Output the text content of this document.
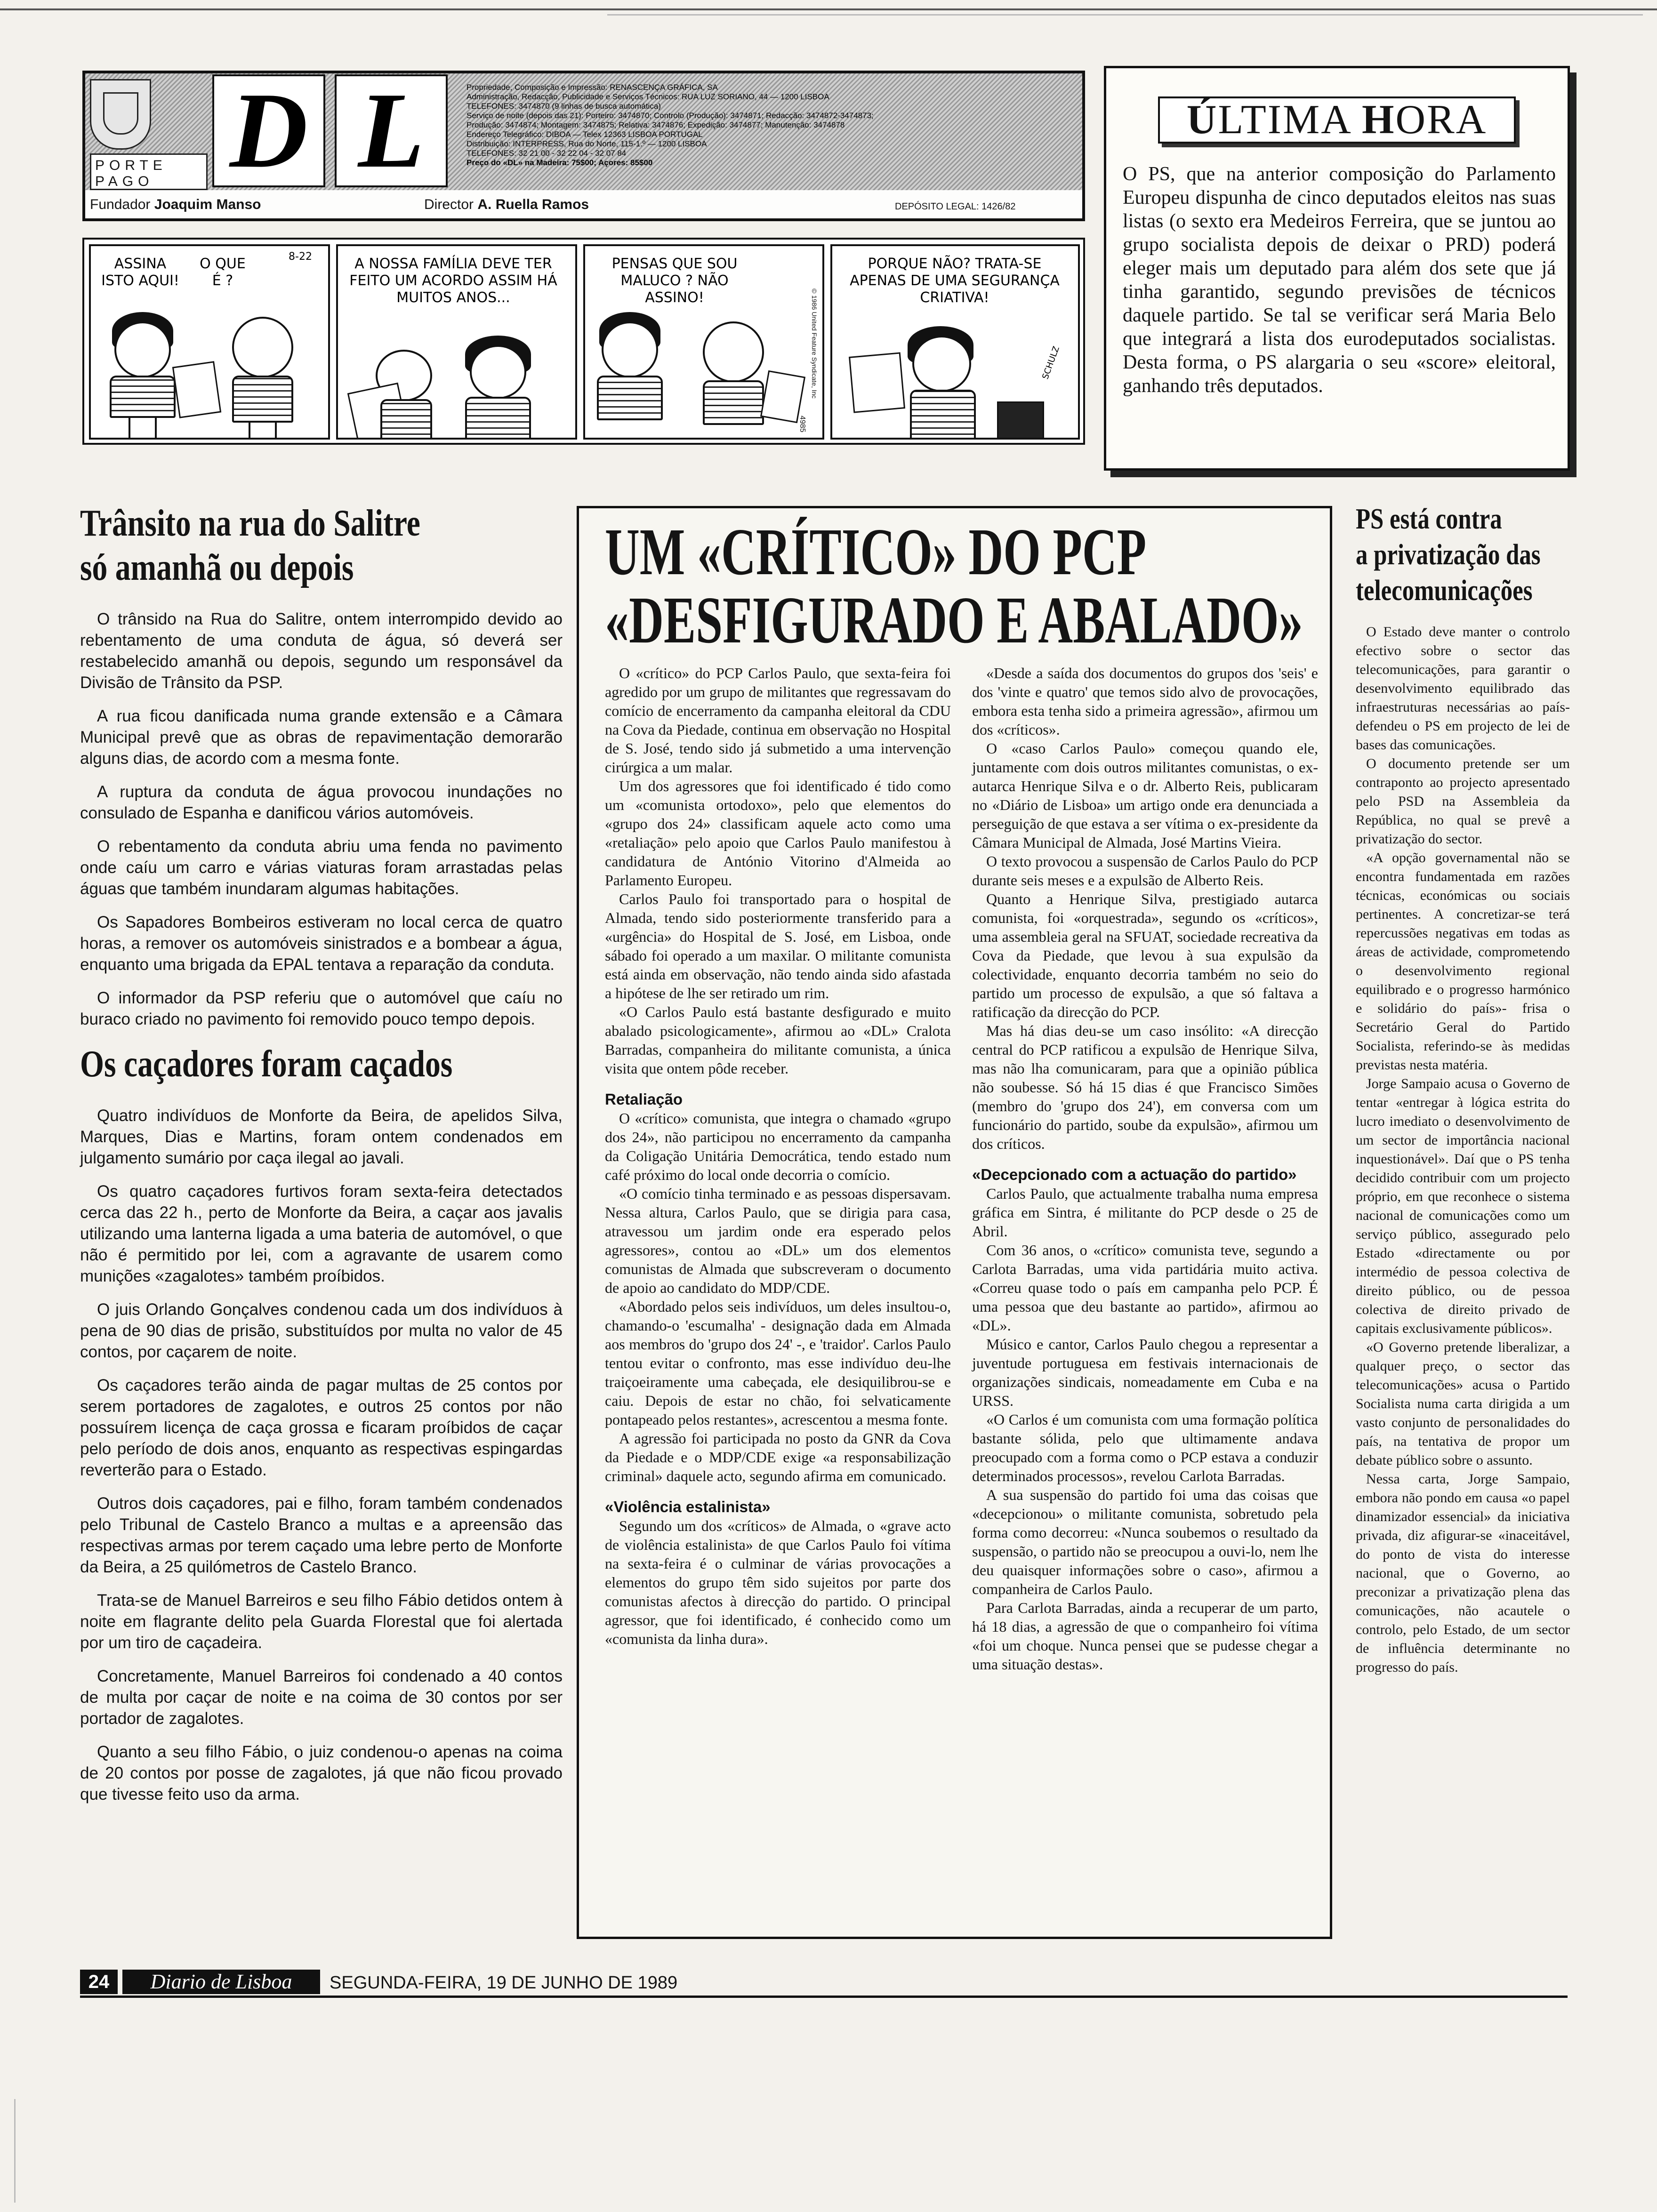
PORTE
PAGO D L	Propriedade, Composição e Impressão: RENASCENÇA GRÁFICA, SA
Administração, Redacção, Publicidade e Serviços Técnicos: RUA LUZ SORIANO, 44 — 1200 LISBOA
TELEFONES: 3474870 (9 linhas de busca automática)
Serviço de noite (depois das 21): Porteiro: 3474870; Controlo (Produção): 3474871; Redacção: 3474872-3474873;
Produção: 3474874; Montagem: 3474875; Relativa: 3474876; Expedição: 3474877; Manutenção: 3474878
Endereço Telegráfico: DIBOA — Telex 12363 LISBOA PORTUGAL
Distribuição: INTERPRESS, Rua do Norte, 115-1.º — 1200 LISBOA
TELEFONES: 32 21 00 - 32 22 04 - 32 07 84
Preço do «DL» na Madeira: 75$00; Açores: 85$00
Fundador Joaquim Manso	Director A. Ruella Ramos	DEPÓSITO LEGAL: 1426/82
ASSINA ISTO AQUI!
O QUE É ?
8-22	A NOSSA FAMÍLIA DEVE TER FEITO UM ACORDO ASSIM HÁ MUITOS ANOS...
PENSAS QUE SOU MALUCO ? NÃO ASSINO!	© 1986 United Feature Syndicate, Inc
4985
PORQUE NÃO? TRATA-SE APENAS DE UMA SEGURANÇA CRIATIVA!
SCHULZ
ÚLTIMA HORA

O PS, que na anterior composição do Parlamento Europeu dispunha de cinco deputados eleitos nas suas listas (o sexto era Medeiros Ferreira, que se juntou ao grupo socialista depois de deixar o PRD) poderá eleger mais um deputado para além dos sete que já tinha garantido, segundo previsões de técnicos daquele partido. Se tal se verificar será Maria Belo que integrará a lista dos eurodeputados socialistas. Desta forma, o PS alargaria o seu «score» eleitoral, ganhando três deputados.

Trânsito na rua do Salitre
só amanhã ou depois

O trânsido na Rua do Salitre, ontem interrompido devido ao rebentamento de uma conduta de água, só deverá ser restabelecido amanhã ou depois, segundo um responsável da Divisão de Trânsito da PSP.

A rua ficou danificada numa grande extensão e a Câmara Municipal prevê que as obras de repavimentação demorarão alguns dias, de acordo com a mesma fonte.

A ruptura da conduta de água provocou inundações no consulado de Espanha e danificou vários automóveis.

O rebentamento da conduta abriu uma fenda no pavimento onde caíu um carro e várias viaturas foram arrastadas pelas águas que também inundaram algumas habitações.

Os Sapadores Bombeiros estiveram no local cerca de quatro horas, a remover os automóveis sinistrados e a bombear a água, enquanto uma brigada da EPAL tentava a reparação da conduta.

O informador da PSP referiu que o automóvel que caíu no buraco criado no pavimento foi removido pouco tempo depois.

Os caçadores foram caçados

Quatro indivíduos de Monforte da Beira, de apelidos Silva, Marques, Dias e Martins, foram ontem condenados em julgamento sumário por caça ilegal ao javali.

Os quatro caçadores furtivos foram sexta-feira detectados cerca das 22 h., perto de Monforte da Beira, a caçar aos javalis utilizando uma lanterna ligada a uma bateria de automóvel, o que não é permitido por lei, com a agravante de usarem como munições «zagalotes» também proíbidos.

O juis Orlando Gonçalves condenou cada um dos indivíduos à pena de 90 dias de prisão, substituídos por multa no valor de 45 contos, por caçarem de noite.

Os caçadores terão ainda de pagar multas de 25 contos por serem portadores de zagalotes, e outros 25 contos por não possuírem licença de caça grossa e ficaram proíbidos de caçar pelo período de dois anos, enquanto as respectivas espingardas reverterão para o Estado.

Outros dois caçadores, pai e filho, foram também condenados pelo Tribunal de Castelo Branco a multas e a apreensão das respectivas armas por terem caçado uma lebre perto de Monforte da Beira, a 25 quilómetros de Castelo Branco.

Trata-se de Manuel Barreiros e seu filho Fábio detidos ontem à noite em flagrante delito pela Guarda Florestal que foi alertada por um tiro de caçadeira.

Concretamente, Manuel Barreiros foi condenado a 40 contos de multa por caçar de noite e na coima de 30 contos por ser portador de zagalotes.

Quanto a seu filho Fábio, o juiz condenou-o apenas na coima de 20 contos por posse de zagalotes, já que não ficou provado que tivesse feito uso da arma.

UM «CRÍTICO» DO PCP
«DESFIGURADO E ABALADO»

O «crítico» do PCP Carlos Paulo, que sexta-feira foi agredido por um grupo de militantes que regressavam do comício de encerramento da campanha eleitoral da CDU na Cova da Piedade, continua em observação no Hospital de S. José, tendo sido já submetido a uma intervenção cirúrgica a um malar.

Um dos agressores que foi identificado é tido como um «comunista ortodoxo», pelo que elementos do «grupo dos 24» classificam aquele acto como uma «retaliação» pelo apoio que Carlos Paulo manifestou à candidatura de António Vitorino d'Almeida ao Parlamento Europeu.

Carlos Paulo foi transportado para o hospital de Almada, tendo sido posteriormente transferido para a «urgência» do Hospital de S. José, em Lisboa, onde sábado foi operado a um maxilar. O militante comunista está ainda em observação, não tendo ainda sido afastada a hipótese de lhe ser retirado um rim.

«O Carlos Paulo está bastante desfigurado e muito abalado psicologicamente», afirmou ao «DL» Cralota Barradas, companheira do militante comunista, a única visita que ontem pôde receber.

Retaliação

O «crítico» comunista, que integra o chamado «grupo dos 24», não participou no encerramento da campanha da Coligação Unitária Democrática, tendo estado num café próximo do local onde decorria o comício.

«O comício tinha terminado e as pessoas dispersavam. Nessa altura, Carlos Paulo, que se dirigia para casa, atravessou um jardim onde era esperado pelos agressores», contou ao «DL» um dos elementos comunistas de Almada que subscreveram o documento de apoio ao candidato do MDP/CDE.

«Abordado pelos seis indivíduos, um deles insultou-o, chamando-o 'escumalha' - designação dada em Almada aos membros do 'grupo dos 24' -, e 'traidor'. Carlos Paulo tentou evitar o confronto, mas esse indivíduo deu-lhe traiçoeiramente uma cabeçada, ele desiquilibrou-se e caiu. Depois de estar no chão, foi selvaticamente pontapeado pelos restantes», acrescentou a mesma fonte.

A agressão foi participada no posto da GNR da Cova da Piedade e o MDP/CDE exige «a responsabilização criminal» daquele acto, segundo afirma em comunicado.

«Violência estalinista»

Segundo um dos «críticos» de Almada, o «grave acto de violência estalinista» de que Carlos Paulo foi vítima na sexta-feira é o culminar de várias provocações a elementos do grupo têm sido sujeitos por parte dos comunistas afectos à direcção do partido. O principal agressor, que foi identificado, é conhecido como um «comunista da linha dura».

«Desde a saída dos documentos do grupos dos 'seis' e dos 'vinte e quatro' que temos sido alvo de provocações, embora esta tenha sido a primeira agressão», afirmou um dos «críticos».

O «caso Carlos Paulo» começou quando ele, juntamente com dois outros militantes comunistas, o ex-autarca Henrique Silva e o dr. Alberto Reis, publicaram no «Diário de Lisboa» um artigo onde era denunciada a perseguição de que estava a ser vítima o ex-presidente da Câmara Municipal de Almada, José Martins Vieira.

O texto provocou a suspensão de Carlos Paulo do PCP durante seis meses e a expulsão de Alberto Reis.

Quanto a Henrique Silva, prestigiado autarca comunista, foi «orquestrada», segundo os «críticos», uma assembleia geral na SFUAT, sociedade recreativa da Cova da Piedade, que levou à sua expulsão da colectividade, enquanto decorria também no seio do partido um processo de expulsão, a que só faltava a ratificação da direcção do PCP.

Mas há dias deu-se um caso insólito: «A direcção central do PCP ratificou a expulsão de Henrique Silva, mas não lha comunicaram, para que a opinião pública não soubesse. Só há 15 dias é que Francisco Simões (membro do 'grupo dos 24'), em conversa com um funcionário do partido, soube da expulsão», afirmou um dos críticos.

«Decepcionado com a actuação do partido»

Carlos Paulo, que actualmente trabalha numa empresa gráfica em Sintra, é militante do PCP desde o 25 de Abril.

Com 36 anos, o «crítico» comunista teve, segundo a Carlota Barradas, uma vida partidária muito activa. «Correu quase todo o país em campanha pelo PCP. É uma pessoa que deu bastante ao partido», afirmou ao «DL».

Músico e cantor, Carlos Paulo chegou a representar a juventude portuguesa em festivais internacionais de organizações sindicais, nomeadamente em Cuba e na URSS.

«O Carlos é um comunista com uma formação política bastante sólida, pelo que ultimamente andava preocupado com a forma como o PCP estava a conduzir determinados processos», revelou Carlota Barradas.

A sua suspensão do partido foi uma das coisas que «decepcionou» o militante comunista, sobretudo pela forma como decorreu: «Nunca soubemos o resultado da suspensão, o partido não se preocupou a ouvi-lo, nem lhe deu quaisquer informações sobre o caso», afirmou a companheira de Carlos Paulo.

Para Carlota Barradas, ainda a recuperar de um parto, há 18 dias, a agressão de que o companheiro foi vítima «foi um choque. Nunca pensei que se pudesse chegar a uma situação destas».

PS está contra
a privatização das
telecomunicações

O Estado deve manter o controlo efectivo sobre o sector das telecomunicações, para garantir o desenvolvimento equilibrado das infraestruturas necessárias ao país- defendeu o PS em projecto de lei de bases das comunicações.

O documento pretende ser um contraponto ao projecto apresentado pelo PSD na Assembleia da República, no qual se prevê a privatização do sector.

«A opção governamental não se encontra fundamentada em razões técnicas, económicas ou sociais pertinentes. A concretizar-se terá repercussões negativas em todas as áreas de actividade, comprometendo o desenvolvimento regional equilibrado e o progresso harmónico e solidário do país»- frisa o Secretário Geral do Partido Socialista, referindo-se às medidas previstas nesta matéria.

Jorge Sampaio acusa o Governo de tentar «entregar à lógica estrita do lucro imediato o desenvolvimento de um sector de importância nacional inquestionável». Daí que o PS tenha decidido contribuir com um projecto próprio, em que reconhece o sistema nacional de comunicações como um serviço público, assegurado pelo Estado «directamente ou por intermédio de pessoa colectiva de direito público, ou de pessoa colectiva de direito privado de capitais exclusivamente públicos».

«O Governo pretende liberalizar, a qualquer preço, o sector das telecomunicações» acusa o Partido Socialista numa carta dirigida a um vasto conjunto de personalidades do país, na tentativa de propor um debate público sobre o assunto.

Nessa carta, Jorge Sampaio, embora não pondo em causa «o papel dinamizador essencial» da iniciativa privada, diz afigurar-se «inaceitável, do ponto de vista do interesse nacional, que o Governo, ao preconizar a privatização plena das comunicações, não acautele o controlo, pelo Estado, de um sector de influência determinante no progresso do país.

24	Diario de Lisboa	SEGUNDA-FEIRA, 19 DE JUNHO DE 1989
